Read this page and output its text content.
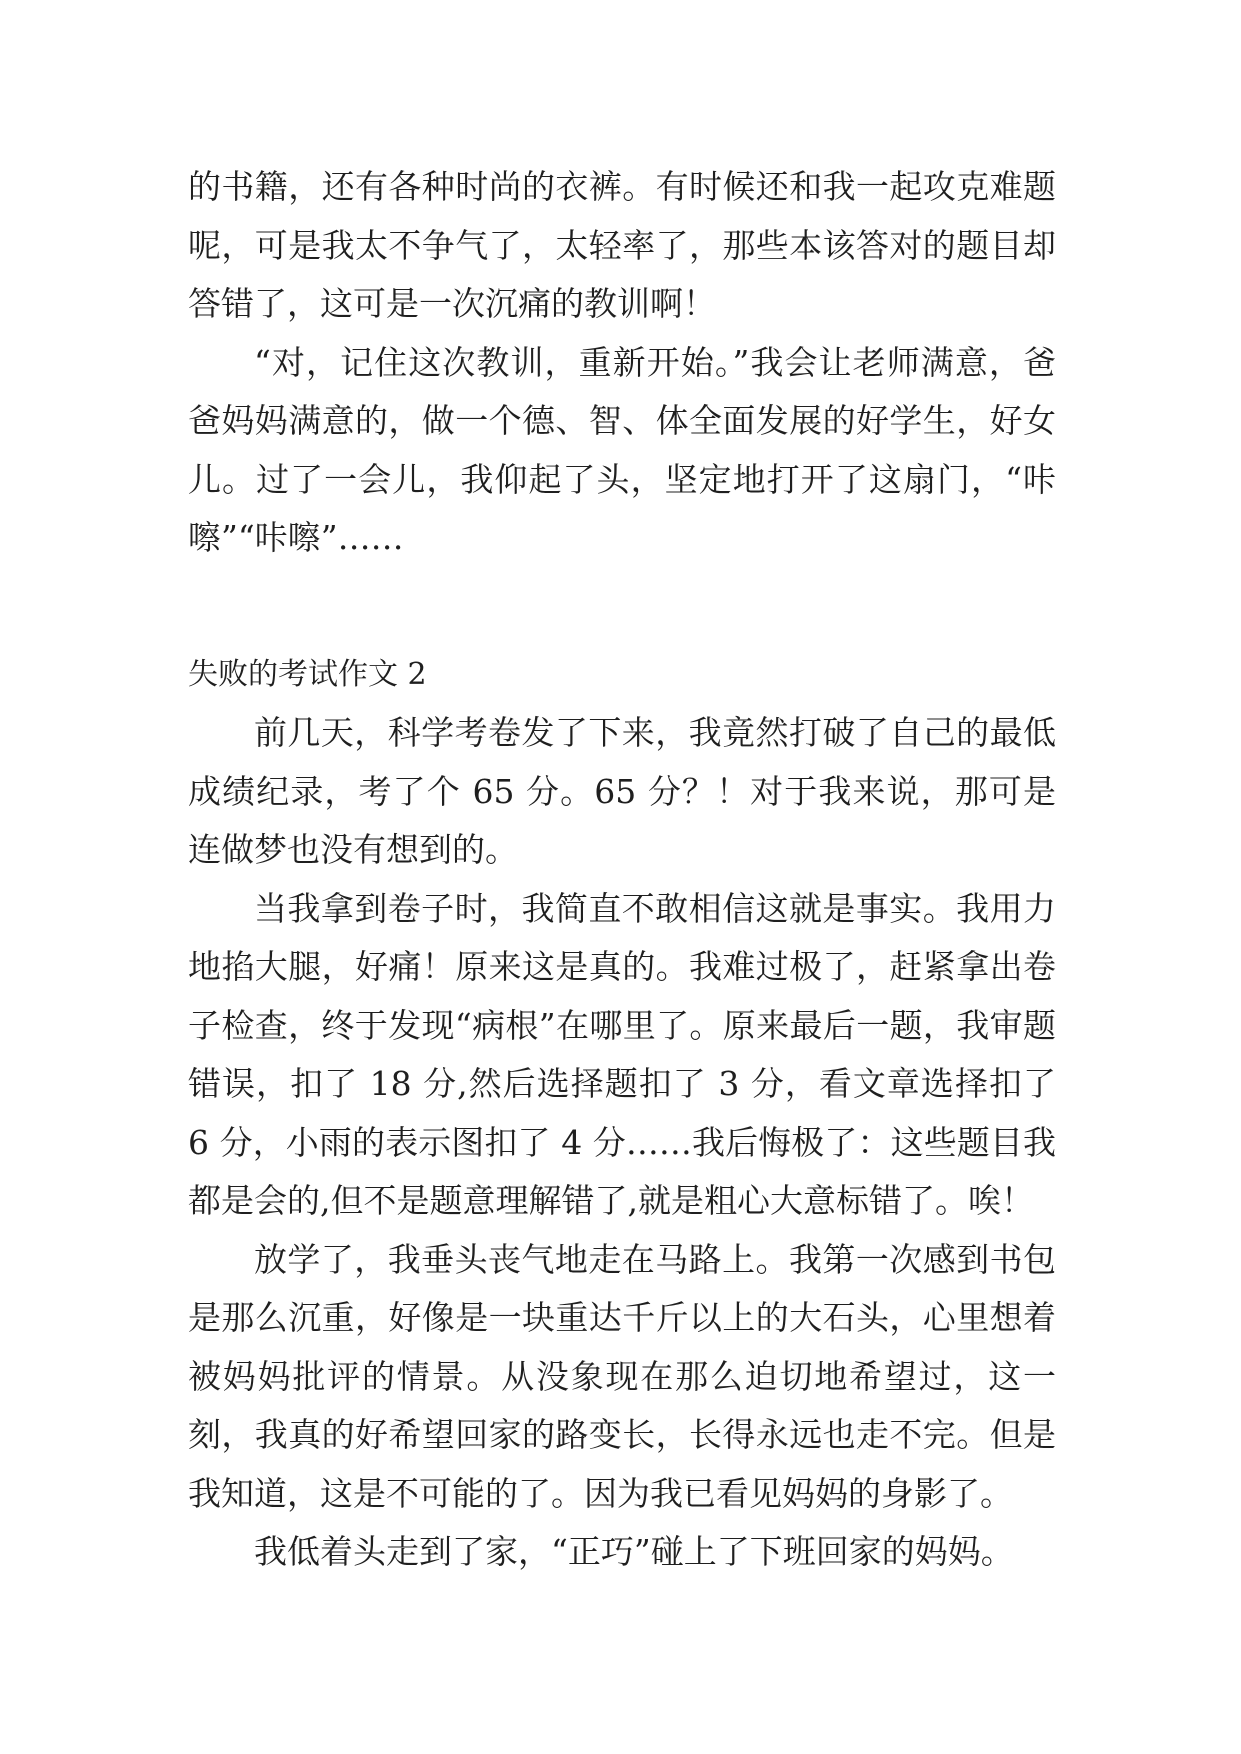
的书籍，还有各种时尚的衣裤。有时候还和我一起攻克难题呢，可是我太不争气了，太轻率了，那些本该答对的题目却答错了，这可是一次沉痛的教训啊！

“对，记住这次教训，重新开始。”我会让老师满意，爸爸妈妈满意的，做一个德、智、体全面发展的好学生，好女儿。过了一会儿，我仰起了头，坚定地打开了这扇门，“咔嚓”“咔嚓”……

失败的考试作文 2

前几天，科学考卷发了下来，我竟然打破了自己的最低成绩纪录，考了个 65 分。65 分？！对于我来说，那可是连做梦也没有想到的。

当我拿到卷子时，我简直不敢相信这就是事实。我用力地掐大腿，好痛！原来这是真的。我难过极了，赶紧拿出卷子检查，终于发现“病根”在哪里了。原来最后一题，我审题错误，扣了 18 分,然后选择题扣了 3 分，看文章选择扣了 6 分，小雨的表示图扣了 4 分……我后悔极了：这些题目我都是会的,但不是题意理解错了,就是粗心大意标错了。唉！

放学了，我垂头丧气地走在马路上。我第一次感到书包是那么沉重，好像是一块重达千斤以上的大石头，心里想着被妈妈批评的情景。从没象现在那么迫切地希望过，这一刻，我真的好希望回家的路变长，长得永远也走不完。但是我知道，这是不可能的了。因为我已看见妈妈的身影了。

我低着头走到了家，“正巧”碰上了下班回家的妈妈。
